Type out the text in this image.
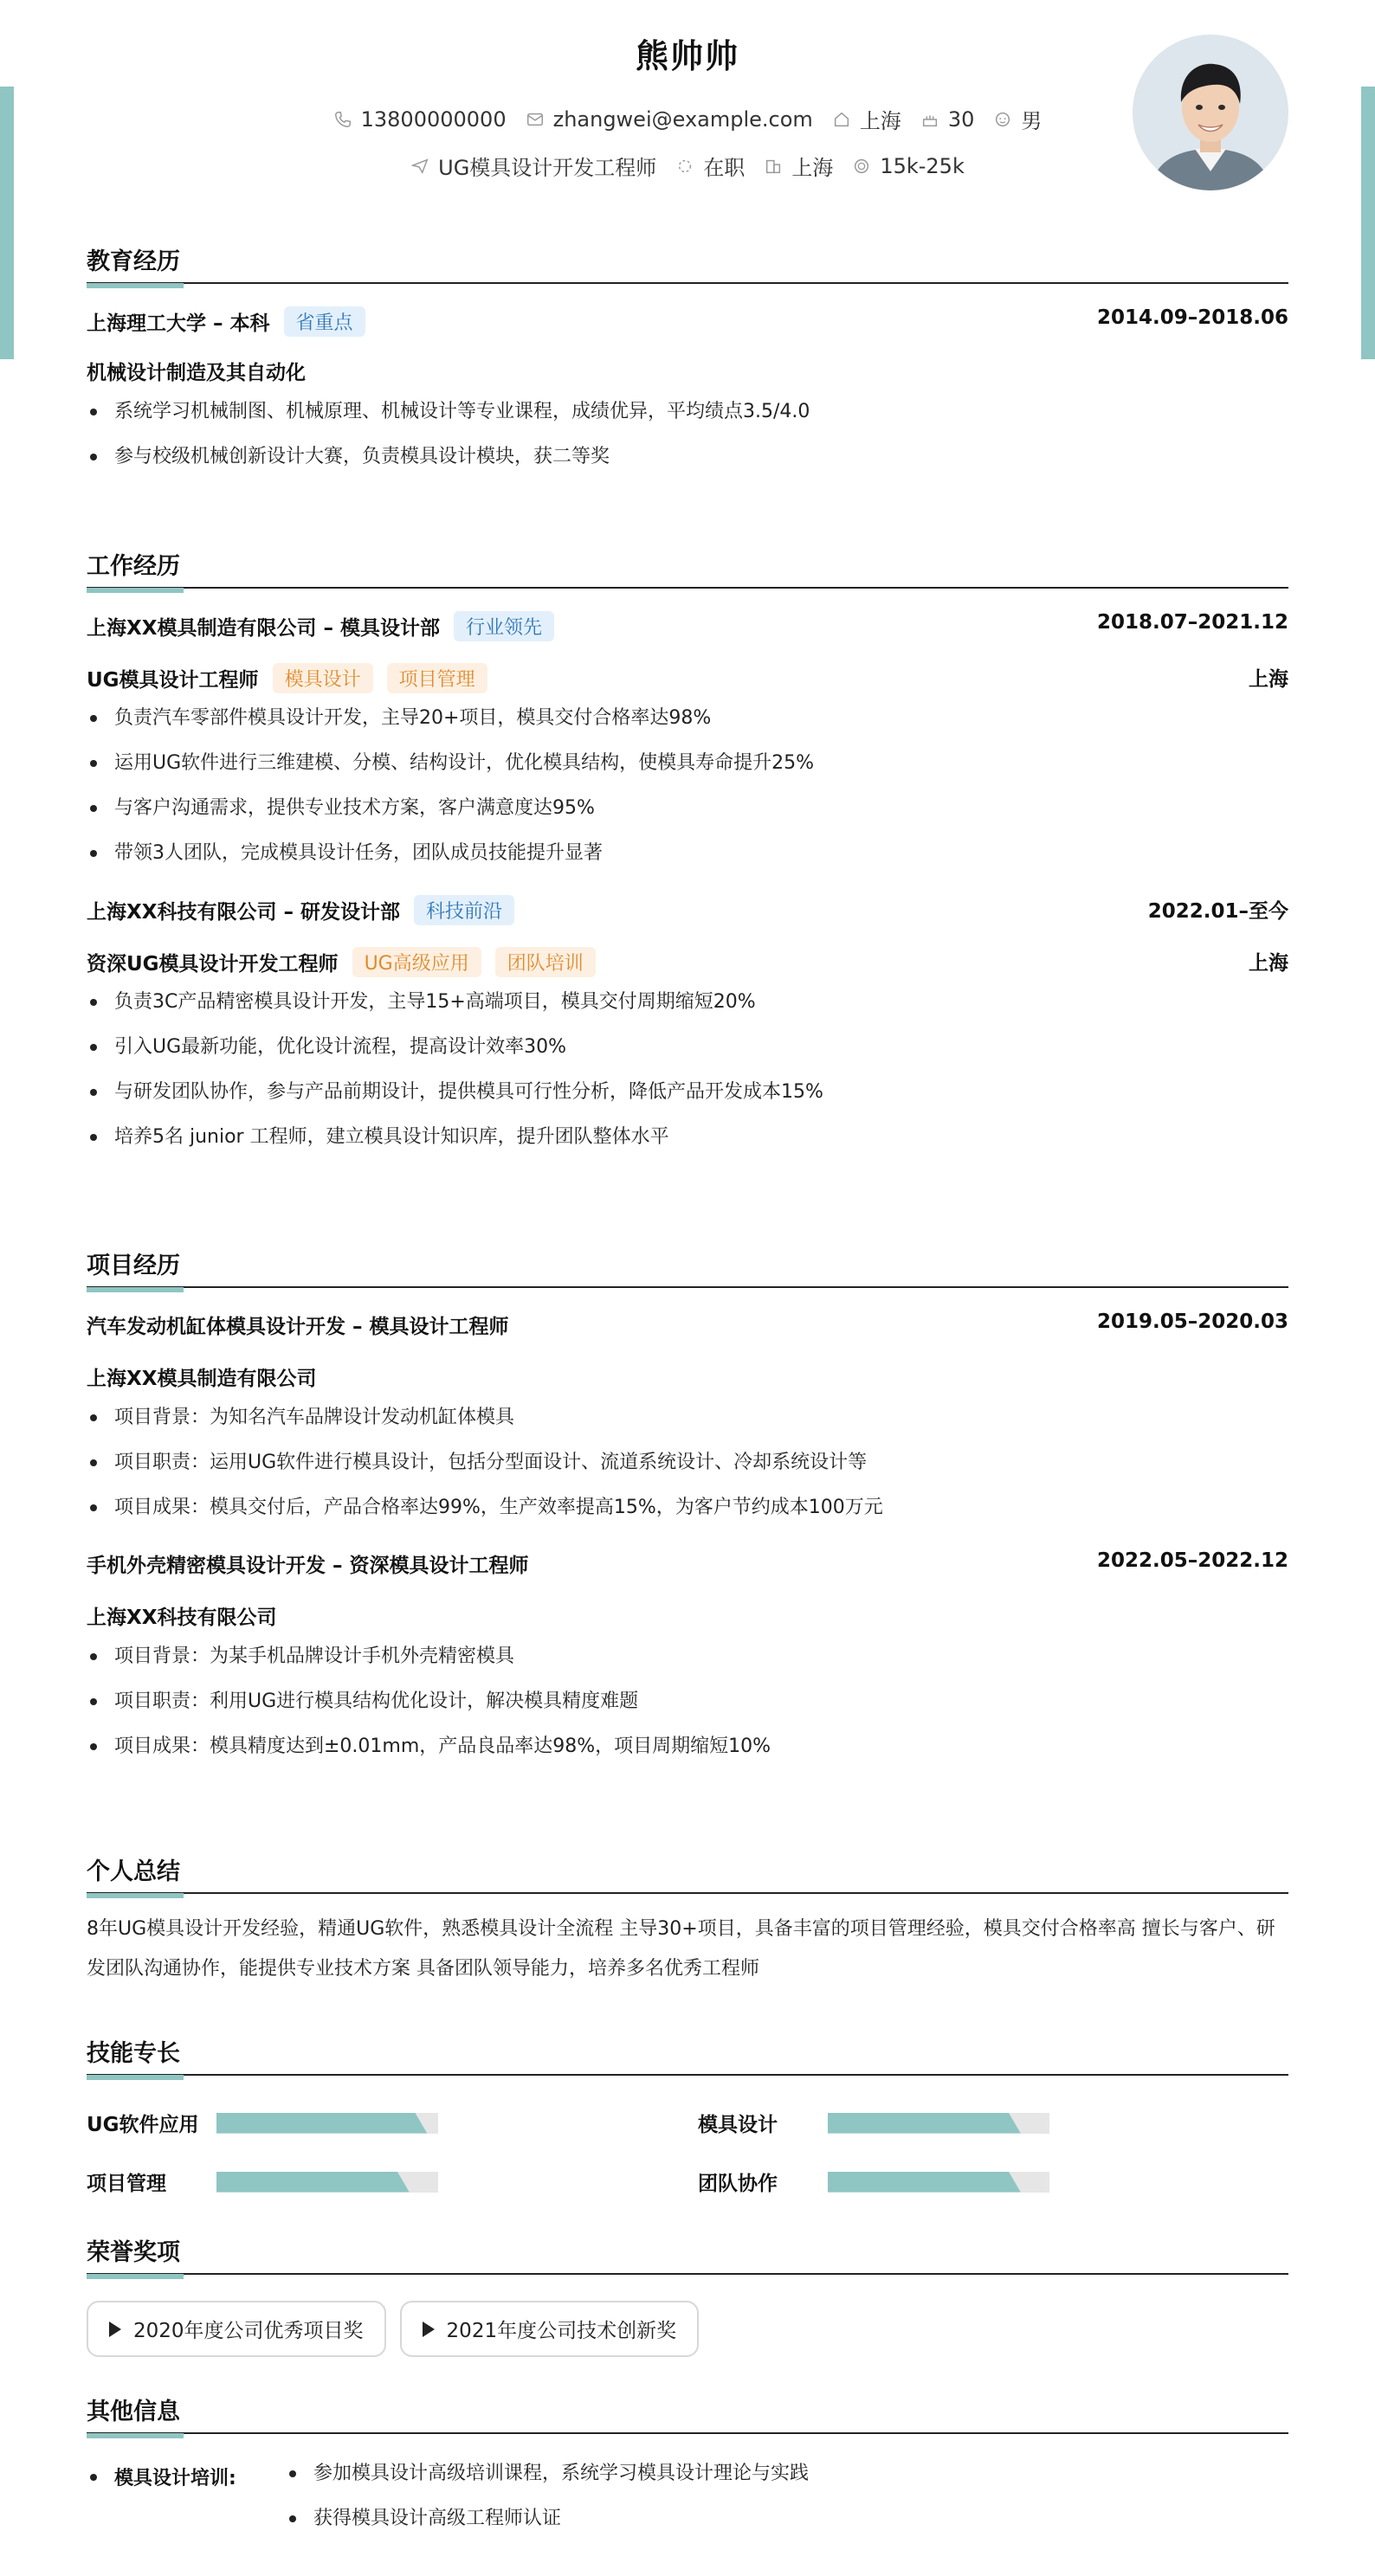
熊帅帅
13800000000 zhangwei@example.com 上海 30 男
UG模具设计开发工程师 在职 上海 15k-25k
教育经历
上海理工大学 – 本科	省重点	2014.09–2018.06
机械设计制造及其自动化
系统学习机械制图、机械原理、机械设计等专业课程，成绩优异，平均绩点3.5/4.0
参与校级机械创新设计大赛，负责模具设计模块，获二等奖
工作经历
上海XX模具制造有限公司 – 模具设计部	行业领先	2018.07–2021.12
UG模具设计工程师	模具设计	项目管理	上海
负责汽车零部件模具设计开发，主导20+项目，模具交付合格率达98%
运用UG软件进行三维建模、分模、结构设计，优化模具结构，使模具寿命提升25%
与客户沟通需求，提供专业技术方案，客户满意度达95%
带领3人团队，完成模具设计任务，团队成员技能提升显著
上海XX科技有限公司 – 研发设计部	科技前沿	2022.01–至今
资深UG模具设计开发工程师	UG高级应用	团队培训	上海
负责3C产品精密模具设计开发，主导15+高端项目，模具交付周期缩短20%
引入UG最新功能，优化设计流程，提高设计效率30%
与研发团队协作，参与产品前期设计，提供模具可行性分析，降低产品开发成本15%
培养5名 junior 工程师，建立模具设计知识库，提升团队整体水平
项目经历
汽车发动机缸体模具设计开发 – 模具设计工程师	2019.05–2020.03
上海XX模具制造有限公司
项目背景：为知名汽车品牌设计发动机缸体模具
项目职责：运用UG软件进行模具设计，包括分型面设计、流道系统设计、冷却系统设计等
项目成果：模具交付后，产品合格率达99%，生产效率提高15%，为客户节约成本100万元
手机外壳精密模具设计开发 – 资深模具设计工程师	2022.05–2022.12
上海XX科技有限公司
项目背景：为某手机品牌设计手机外壳精密模具
项目职责：利用UG进行模具结构优化设计，解决模具精度难题
项目成果：模具精度达到±0.01mm，产品良品率达98%，项目周期缩短10%
个人总结
8年UG模具设计开发经验，精通UG软件，熟悉模具设计全流程 主导30+项目，具备丰富的项目管理经验，模具交付合格率高 擅长与客户、研发团队沟通协作，能提供专业技术方案 具备团队领导能力，培养多名优秀工程师
技能专长
UG软件应用	模具设计
项目管理	团队协作
荣誉奖项
2020年度公司优秀项目奖	2021年度公司技术创新奖
其他信息
模具设计培训:	参加模具设计高级培训课程，系统学习模具设计理论与实践
获得模具设计高级工程师认证
